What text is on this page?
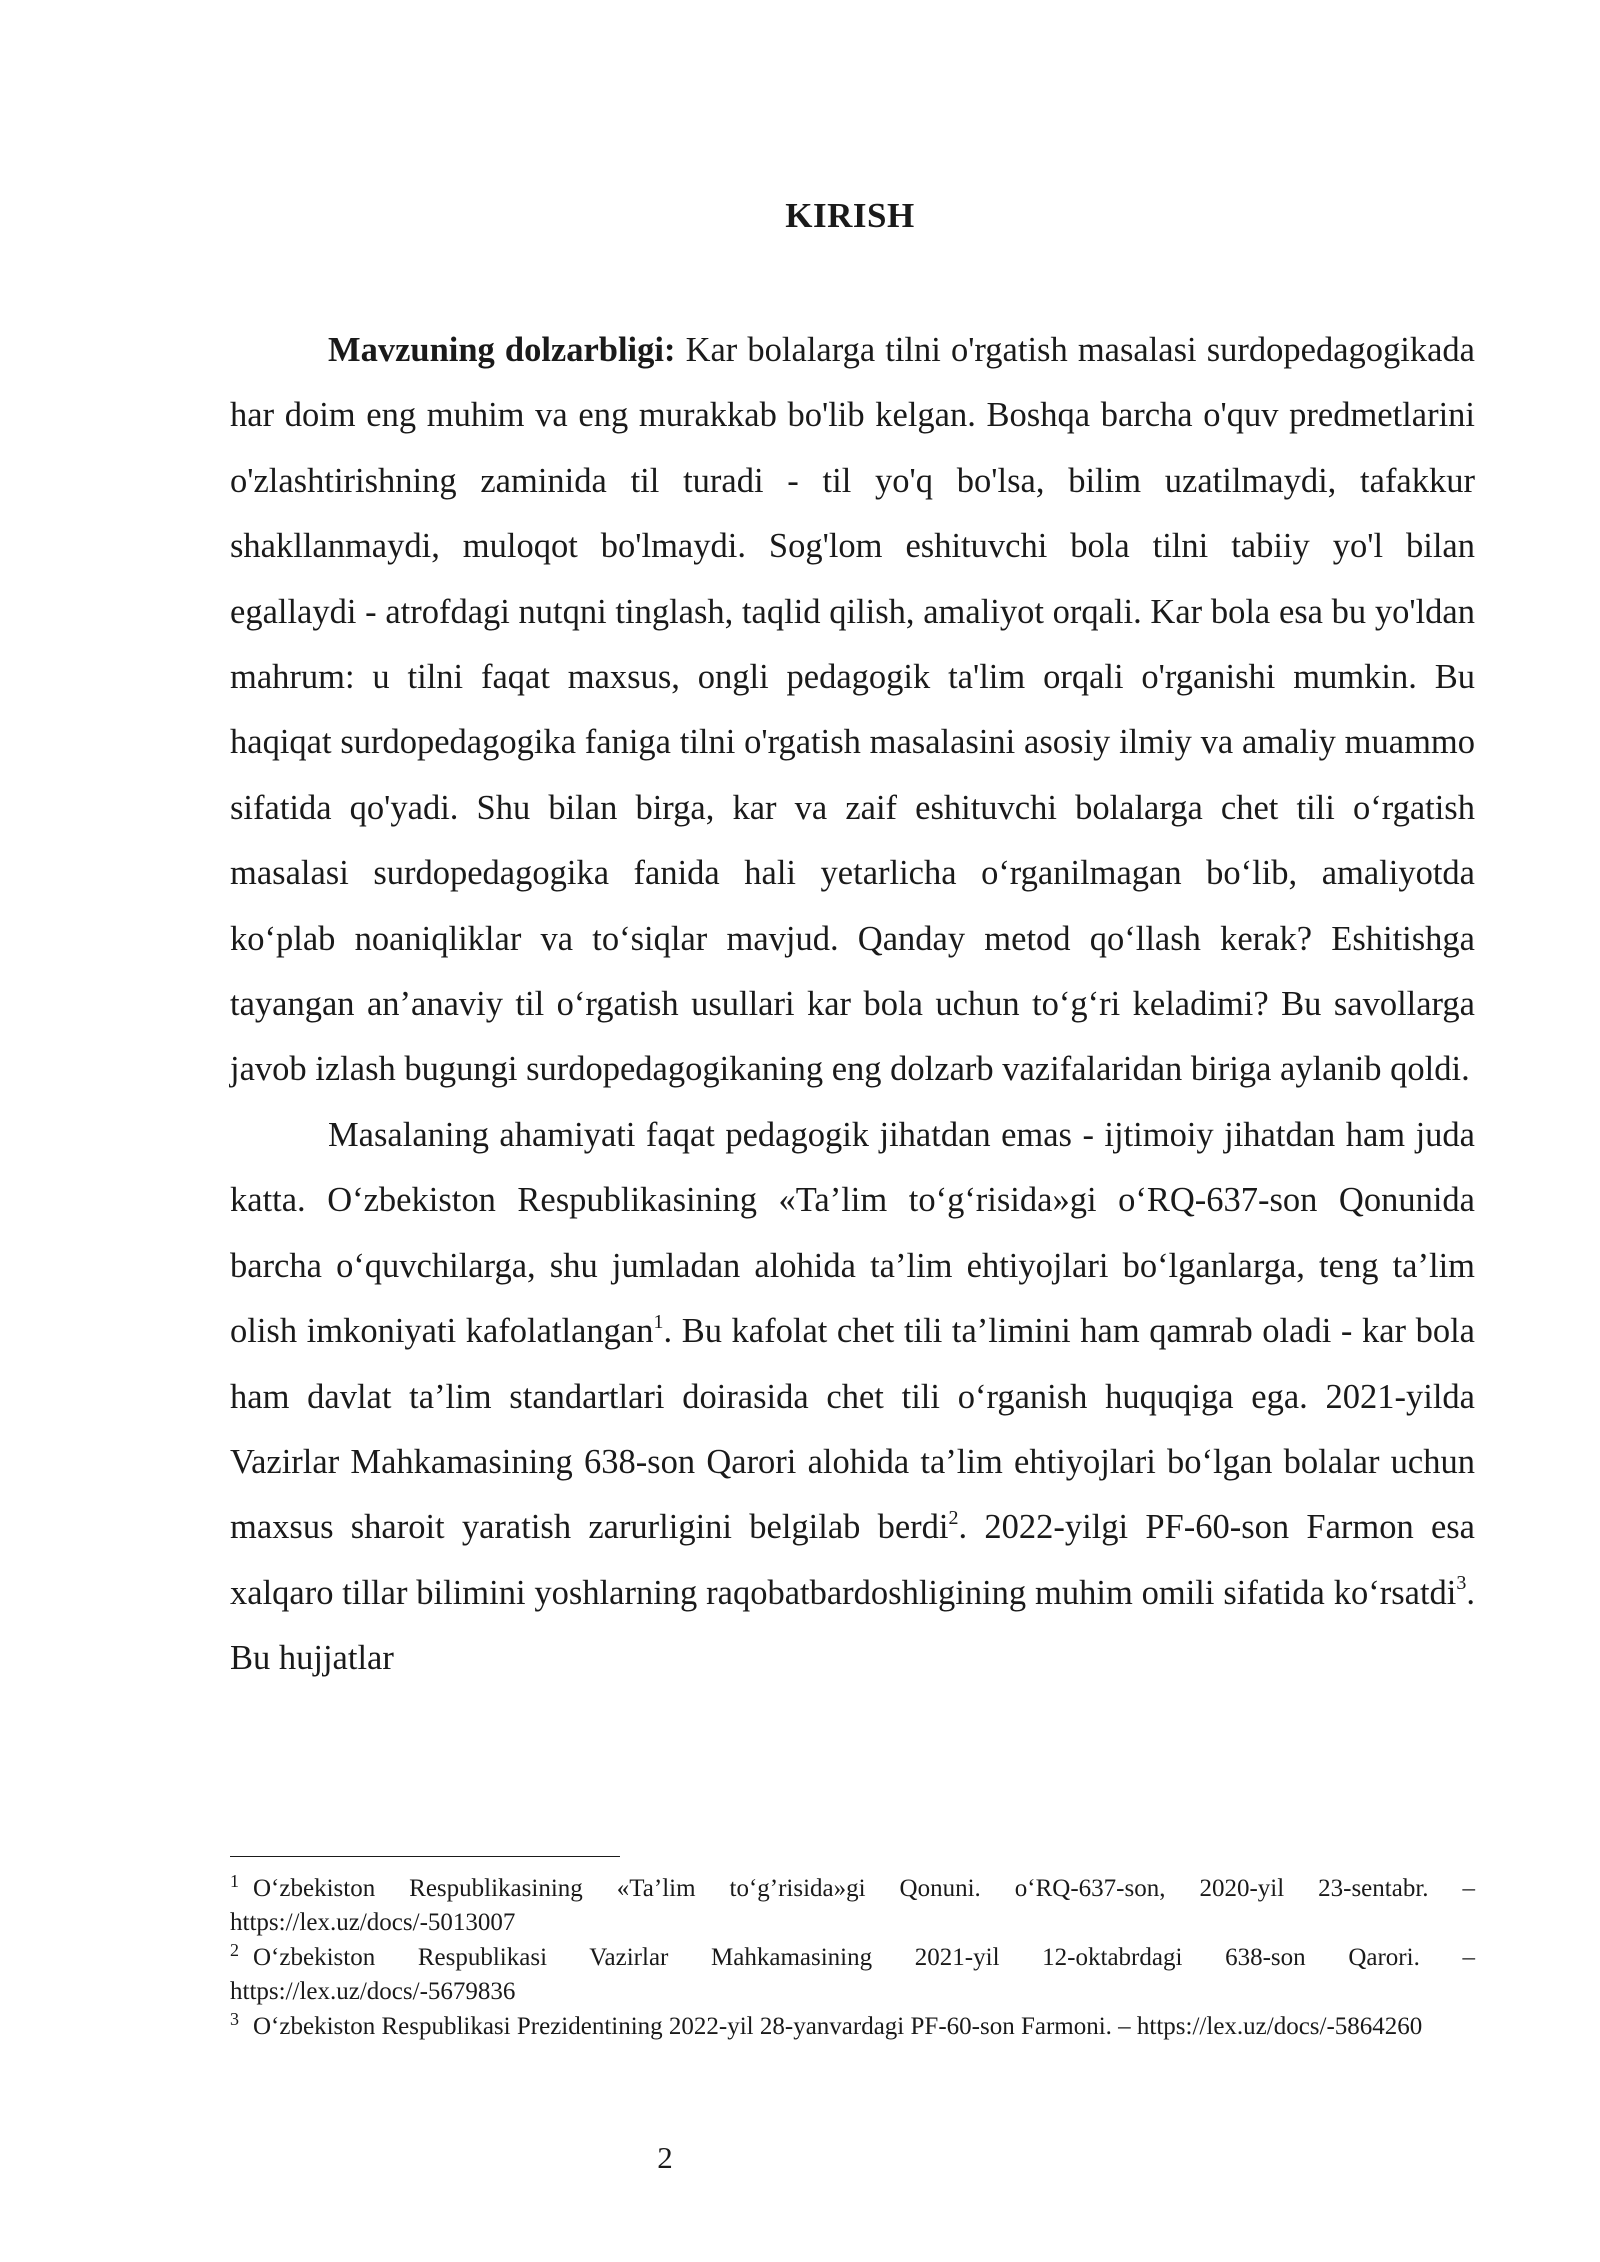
KIRISH

Mavzuning dolzarbligi: Kar bolalarga tilni o'rgatish masalasi surdopedagogikada har doim eng muhim va eng murakkab bo'lib kelgan. Boshqa barcha o'quv predmetlarini o'zlashtirishning zaminida til turadi - til yo'q bo'lsa, bilim uzatilmaydi, tafakkur shakllanmaydi, muloqot bo'lmaydi. Sog'lom eshituvchi bola tilni tabiiy yo'l bilan egallaydi - atrofdagi nutqni tinglash, taqlid qilish, amaliyot orqali. Kar bola esa bu yo'ldan mahrum: u tilni faqat maxsus, ongli pedagogik ta'lim orqali o'rganishi mumkin. Bu haqiqat surdopedagogika faniga tilni o'rgatish masalasini asosiy ilmiy va amaliy muammo sifatida qo'yadi. Shu bilan birga, kar va zaif eshituvchi bolalarga chet tili o‘rgatish masalasi surdopedagogika fanida hali yetarlicha o‘rganilmagan bo‘lib, amaliyotda ko‘plab noaniqliklar va to‘siqlar mavjud. Qanday metod qo‘llash kerak? Eshitishga tayangan an’anaviy til o‘rgatish usullari kar bola uchun to‘g‘ri keladimi? Bu savollarga javob izlash bugungi surdopedagogikaning eng dolzarb vazifalaridan biriga aylanib qoldi.

Masalaning ahamiyati faqat pedagogik jihatdan emas - ijtimoiy jihatdan ham juda katta. O‘zbekiston Respublikasining «Ta’lim to‘g‘risida»gi o‘RQ-637-son Qonunida barcha o‘quvchilarga, shu jumladan alohida ta’lim ehtiyojlari bo‘lganlarga, teng ta’lim olish imkoniyati kafolatlangan$^1$. Bu kafolat chet tili ta’limini ham qamrab oladi - kar bola ham davlat ta’lim standartlari doirasida chet tili o‘rganish huquqiga ega. 2021-yilda Vazirlar Mahkamasining 638-son Qarori alohida ta’lim ehtiyojlari bo‘lgan bolalar uchun maxsus sharoit yaratish zarurligini belgilab berdi$^2$. 2022-yilgi PF-60-son Farmon esa xalqaro tillar bilimini yoshlarning raqobatbardoshligining muhim omili sifatida ko‘rsatdi$^3$. Bu hujjatlar

$^1$ O‘zbekiston Respublikasining «Ta’lim to‘g’risida»gi Qonuni. o‘RQ-637-son, 2020-yil 23-sentabr. – https://lex.uz/docs/-5013007
$^2$ O‘zbekiston Respublikasi Vazirlar Mahkamasining 2021-yil 12-oktabrdagi 638-son Qarori. – https://lex.uz/docs/-5679836
$^3$ O‘zbekiston Respublikasi Prezidentining 2022-yil 28-yanvardagi PF-60-son Farmoni. – https://lex.uz/docs/-5864260
2
